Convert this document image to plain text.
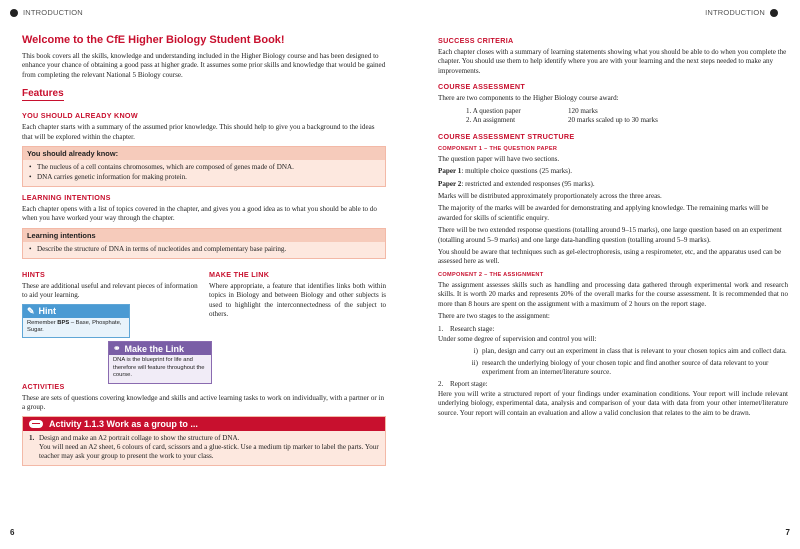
INTRODUCTION
Welcome to the CfE Higher Biology Student Book!

This book covers all the skills, knowledge and understanding included in the Higher Biology course and has been designed to enhance your chance of obtaining a good pass at higher grade. It assumes some prior skills and knowledge that would be gained from completing the relevant National 5 Biology course.

Features
YOU SHOULD ALREADY KNOW

Each chapter starts with a summary of the assumed prior knowledge. This should help to give you a background to the ideas that will be explored within the chapter.

You should already know:
• The nucleus of a cell contains chromosomes, which are composed of genes made of DNA.
• DNA carries genetic information for making protein.
LEARNING INTENTIONS

Each chapter opens with a list of topics covered in the chapter, and gives you a good idea as to what you should be able to do when you have worked your way through the chapter.

Learning intentions
• Describe the structure of DNA in terms of nucleotides and complementary base pairing.
HINTS

These are additional useful and relevant pieces of information to aid your learning.

✎ Hint
Remember BPS – Base, Phosphate, Sugar.
MAKE THE LINK

Where appropriate, a feature that identifies links both within topics in Biology and between Biology and other subjects is used to highlight the interconnectedness of the subject to others.

⚭ Make the Link
DNA is the blueprint for life and therefore will feature throughout the course.
ACTIVITIES

These are sets of questions covering knowledge and skills and active learning tasks to work on individually, with a partner or in a group.

Activity 1.1.3 Work as a group to ...
1. Design and make an A2 portrait collage to show the structure of DNA.
You will need an A2 sheet, 6 colours of card, scissors and a glue-stick. Use a medium tip marker to label the parts. Your teacher may ask your group to present the work to your class.
6
INTRODUCTION
SUCCESS CRITERIA

Each chapter closes with a summary of learning statements showing what you should be able to do when you complete the chapter. You should use them to help identify where you are with your learning and the next steps needed to make any improvements.

COURSE ASSESSMENT

There are two components to the Higher Biology course award:

1. A question paper	120 marks
2. An assignment	20 marks scaled up to 30 marks
COURSE ASSESSMENT STRUCTURE
COMPONENT 1 – THE QUESTION PAPER

The question paper will have two sections.

Paper 1: multiple choice questions (25 marks).

Paper 2: restricted and extended responses (95 marks).

Marks will be distributed approximately proportionately across the three areas.

The majority of the marks will be awarded for demonstrating and applying knowledge. The remaining marks will be awarded for skills of scientific enquiry.

There will be two extended response questions (totalling around 9–15 marks), one large question based on an experiment (totalling around 5–9 marks) and one large data-handling question (totalling around 5–9 marks).

You should be aware that techniques such as gel-electrophoresis, using a respirometer, etc, and the apparatus used can be assessed here as well.

COMPONENT 2 – THE ASSIGNMENT

The assignment assesses skills such as handling and processing data gathered through experimental work and research skills. It is worth 20 marks and represents 20% of the overall marks for the course assessment. It is recommended that no more than 8 hours are spent on the assignment with a maximum of 2 hours on the report stage.

There are two stages to the assignment:

1. Research stage:

Under some degree of supervision and control you will:

i) plan, design and carry out an experiment in class that is relevant to your chosen topics aim and collect data.
ii) research the underlying biology of your chosen topic and find another source of data relevant to your experiment from an internet/literature source.
2. Report stage:

Here you will write a structured report of your findings under examination conditions. Your report will include relevant underlying biology, experimental data, analysis and comparison of your data with data from your other internet/literature source. Your report will contain an evaluation and allow a valid conclusion that relates to the aim to be drawn.

7
